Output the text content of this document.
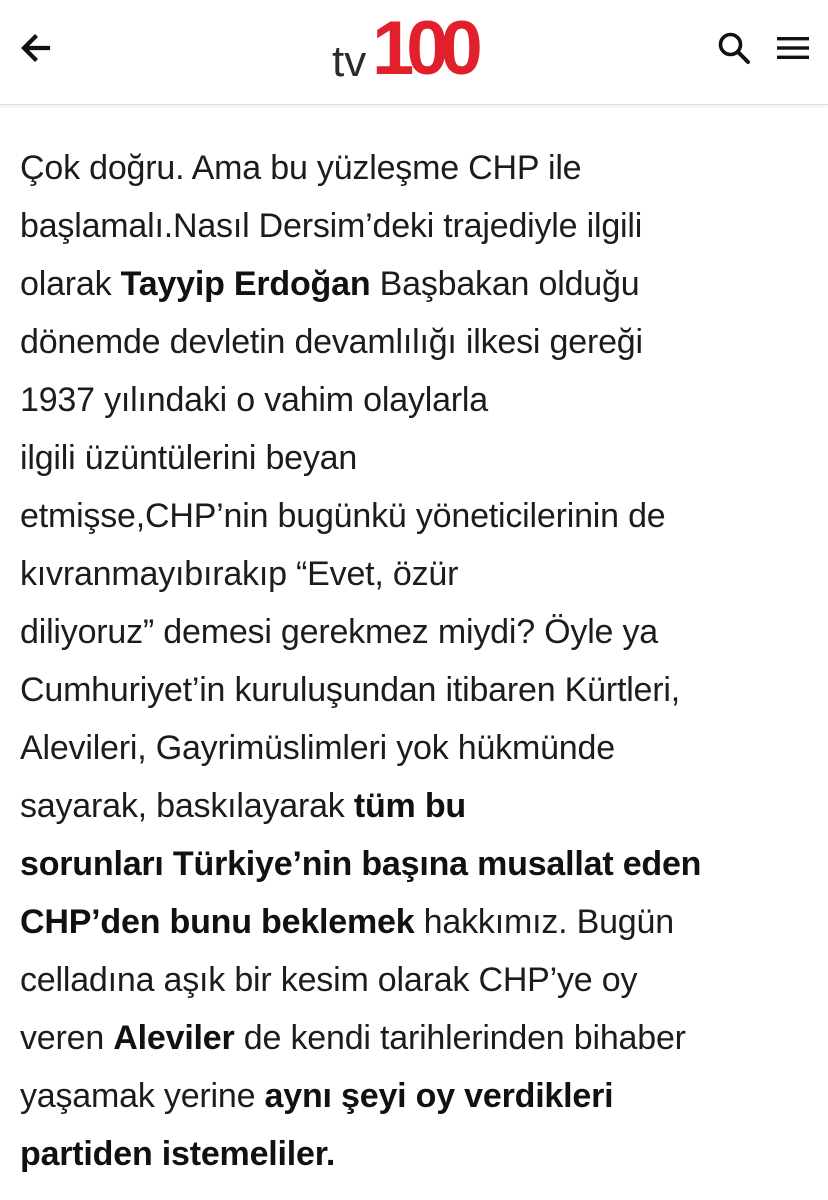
tv 100
Çok doğru. Ama bu yüzleşme CHP ile
başlamalı.Nasıl Dersim’deki trajediyle ilgili
olarak Tayyip Erdoğan Başbakan olduğu
dönemde devletin devamlılığı ilkesi gereği
1937 yılındaki o vahim olaylarla
ilgili üzüntülerini beyan
etmişse,CHP’nin bugünkü yöneticilerinin de
kıvranmayıbırakıp “Evet, özür
diliyoruz” demesi gerekmez miydi? Öyle ya
Cumhuriyet’in kuruluşundan itibaren Kürtleri,
Alevileri, Gayrimüslimleri yok hükmünde
sayarak, baskılayarak tüm bu
sorunları Türkiye’nin başına musallat eden
CHP’den bunu beklemek hakkımız. Bugün
celladına aşık bir kesim olarak CHP’ye oy
veren Aleviler de kendi tarihlerinden bihaber
yaşamak yerine aynı şeyi oy verdikleri
partiden istemeliler.
